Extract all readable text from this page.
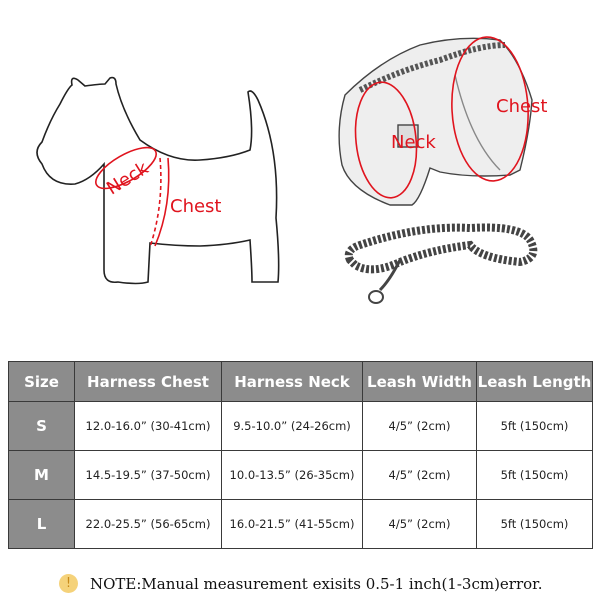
Neck
Chest
Neck
Chest
Size	Harness Chest	Harness Neck	Leash Width	Leash Length
S	12.0-16.0” (30-41cm)	9.5-10.0” (24-26cm)	4/5” (2cm)	5ft (150cm)
M	14.5-19.5” (37-50cm)	10.0-13.5” (26-35cm)	4/5” (2cm)	5ft (150cm)
L	22.0-25.5” (56-65cm)	16.0-21.5” (41-55cm)	4/5” (2cm)	5ft (150cm)
!	NOTE:Manual measurement exisits 0.5-1 inch(1-3cm)error.
